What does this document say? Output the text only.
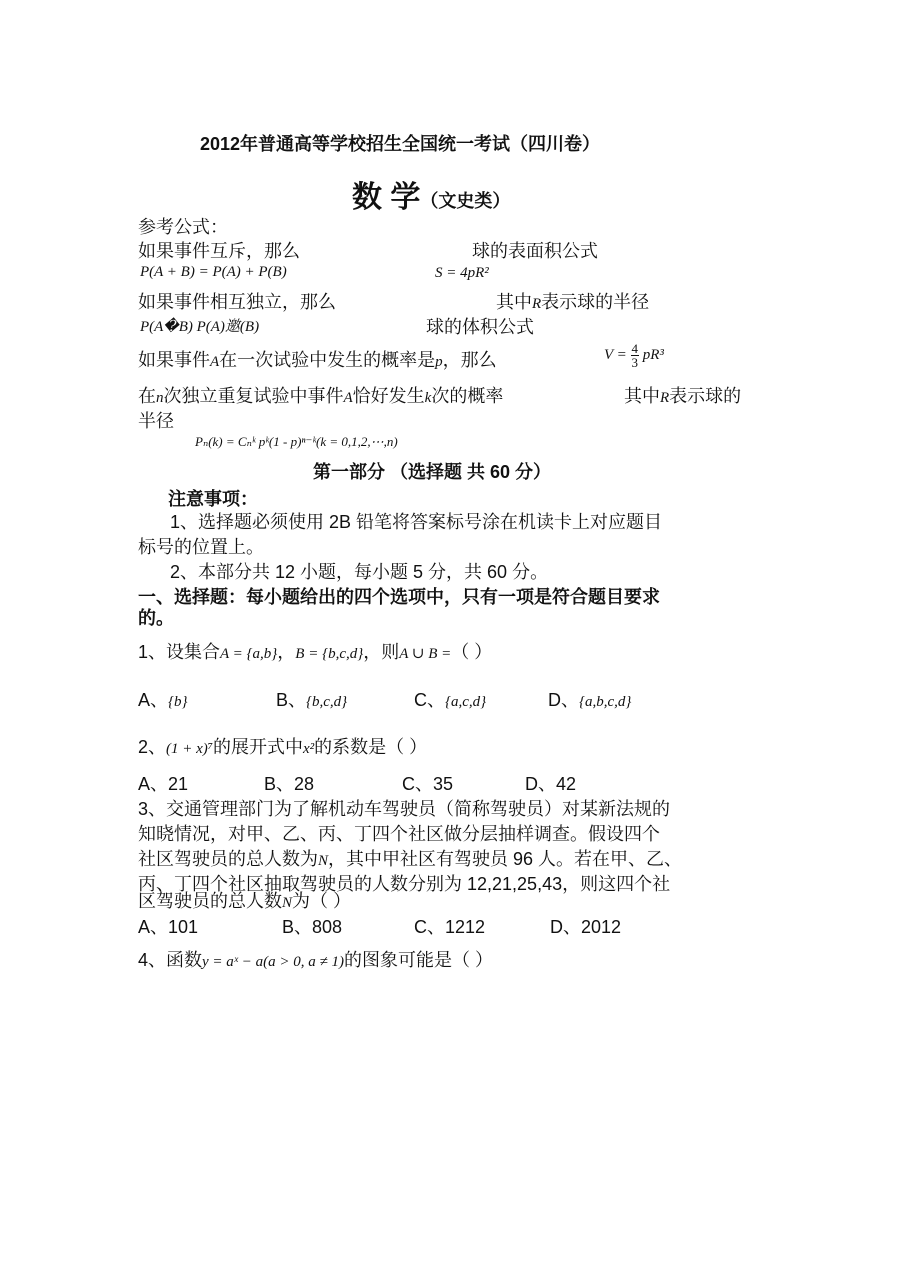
2012年普通高等学校招生全国统一考试（四川卷）
数 学（文史类）
参考公式：
如果事件互斥，那么	球的表面积公式
P(A + B) = P(A) + P(B)	S = 4pR²
如果事件相互独立，那么	其中R表示球的半径
P(A�B) P(A)邀(B)	球的体积公式
如果事件A在一次试验中发生的概率是p，那么	$V = \frac{4}{3} pR^3$
在n次独立重复试验中事件A恰好发生k次的概率	其中R表示球的
半径
Pₙ(k) = Cₙᵏ pᵏ(1 - p)ⁿ⁻ᵏ(k = 0,1,2,⋯,n)
第一部分 （选择题 共 60 分）
注意事项：
1、选择题必须使用 2B 铅笔将答案标号涂在机读卡上对应题目
标号的位置上。
2、本部分共 12 小题，每小题 5 分，共 60 分。
一、选择题：每小题给出的四个选项中，只有一项是符合题目要求
的。
1、设集合A = {a,b}，B = {b,c,d}，则A ∪ B =（ ）
A、{b}	B、{b,c,d}	C、{a,c,d}	D、{a,b,c,d}
2、(1 + x)⁷的展开式中x²的系数是（ ）
A、21	B、28	C、35	D、42
3、交通管理部门为了解机动车驾驶员（简称驾驶员）对某新法规的
知晓情况，对甲、乙、丙、丁四个社区做分层抽样调查。假设四个
社区驾驶员的总人数为N，其中甲社区有驾驶员 96 人。若在甲、乙、
丙、丁四个社区抽取驾驶员的人数分别为 12,21,25,43，则这四个社
区驾驶员的总人数N为（ ）
A、101	B、808	C、1212	D、2012
4、函数y = aˣ − a(a > 0, a ≠ 1)的图象可能是（ ）
